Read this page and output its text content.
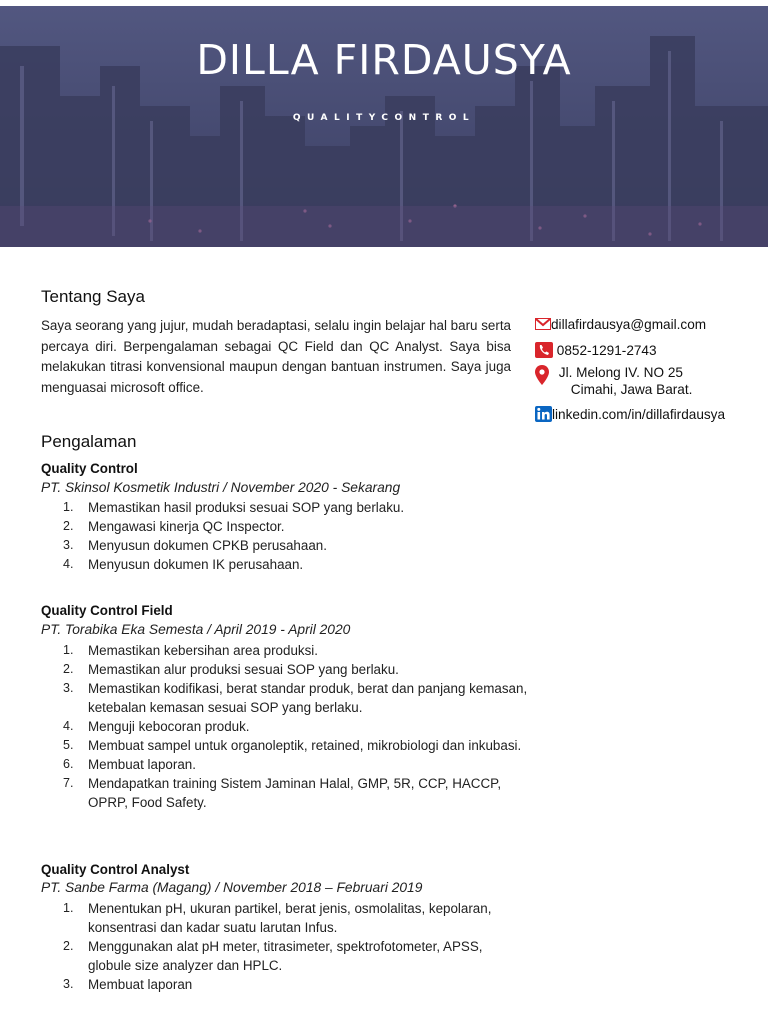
DILLA FIRDAUSYA
QUALITYCONTROL
Tentang Saya
Saya seorang yang jujur, mudah beradaptasi, selalu ingin belajar hal baru serta percaya diri. Berpengalaman sebagai QC Field dan QC Analyst. Saya bisa melakukan titrasi konvensional maupun dengan bantuan instrumen. Saya juga menguasai microsoft office.
dillafirdausya@gmail.com
0852-1291-2743

Jl. Melong IV. NO 25
Cimahi, Jawa Barat.
linkedin.com/in/dillafirdausya
Pengalaman
Quality Control
PT. Skinsol Kosmetik Industri / November 2020 - Sekarang
1. Memastikan hasil produksi sesuai SOP yang berlaku.
2. Mengawasi kinerja QC Inspector.
3. Menyusun dokumen CPKB perusahaan.
4. Menyusun dokumen IK perusahaan.
Quality Control Field
PT. Torabika Eka Semesta / April 2019 - April 2020
1. Memastikan kebersihan area produksi.
2. Memastikan alur produksi sesuai SOP yang berlaku.
3. Memastikan kodifikasi, berat standar produk, berat dan panjang kemasan, ketebalan kemasan sesuai SOP yang berlaku.
4. Menguji kebocoran produk.
5. Membuat sampel untuk organoleptik, retained, mikrobiologi dan inkubasi.
6. Membuat laporan.
7. Mendapatkan training Sistem Jaminan Halal, GMP, 5R, CCP, HACCP, OPRP, Food Safety.
Quality Control Analyst
PT. Sanbe Farma (Magang) / November 2018 – Februari 2019
1. Menentukan pH, ukuran partikel, berat jenis, osmolalitas, kepolaran, konsentrasi dan kadar suatu larutan Infus.
2. Menggunakan alat pH meter, titrasimeter, spektrofotometer, APSS, globule size analyzer dan HPLC.
3. Membuat laporan
